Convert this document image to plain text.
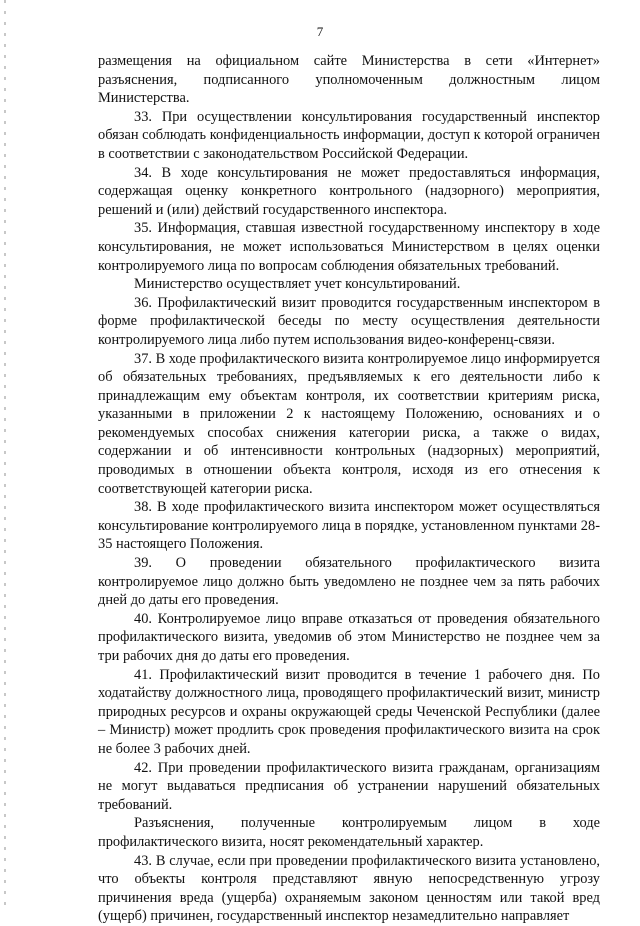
7

размещения на официальном сайте Министерства в сети «Интернет» разъяснения, подписанного уполномоченным должностным лицом Министерства.

33. При осуществлении консультирования государственный инспектор обязан соблюдать конфиденциальность информации, доступ к которой ограничен в соответствии с законодательством Российской Федерации.

34. В ходе консультирования не может предоставляться информация, содержащая оценку конкретного контрольного (надзорного) мероприятия, решений и (или) действий государственного инспектора.

35. Информация, ставшая известной государственному инспектору в ходе консультирования, не может использоваться Министерством в целях оценки контролируемого лица по вопросам соблюдения обязательных требований.

Министерство осуществляет учет консультирований.

36. Профилактический визит проводится государственным инспектором в форме профилактической беседы по месту осуществления деятельности контролируемого лица либо путем использования видео-конференц-связи.

37. В ходе профилактического визита контролируемое лицо информируется об обязательных требованиях, предъявляемых к его деятельности либо к принадлежащим ему объектам контроля, их соответствии критериям риска, указанными в приложении 2 к настоящему Положению, основаниях и о рекомендуемых способах снижения категории риска, а также о видах, содержании и об интенсивности контрольных (надзорных) мероприятий, проводимых в отношении объекта контроля, исходя из его отнесения к соответствующей категории риска.

38. В ходе профилактического визита инспектором может осуществляться консультирование контролируемого лица в порядке, установленном пунктами 28-35 настоящего Положения.

39. О проведении обязательного профилактического визита контролируемое лицо должно быть уведомлено не позднее чем за пять рабочих дней до даты его проведения.

40. Контролируемое лицо вправе отказаться от проведения обязательного профилактического визита, уведомив об этом Министерство не позднее чем за три рабочих дня до даты его проведения.

41. Профилактический визит проводится в течение 1 рабочего дня. По ходатайству должностного лица, проводящего профилактический визит, министр природных ресурсов и охраны окружающей среды Чеченской Республики (далее – Министр) может продлить срок проведения профилактического визита на срок не более 3 рабочих дней.

42. При проведении профилактического визита гражданам, организациям не могут выдаваться предписания об устранении нарушений обязательных требований.

Разъяснения, полученные контролируемым лицом в ходе профилактического визита, носят рекомендательный характер.

43. В случае, если при проведении профилактического визита установлено, что объекты контроля представляют явную непосредственную угрозу причинения вреда (ущерба) охраняемым законом ценностям или такой вред (ущерб) причинен, государственный инспектор незамедлительно направляет
